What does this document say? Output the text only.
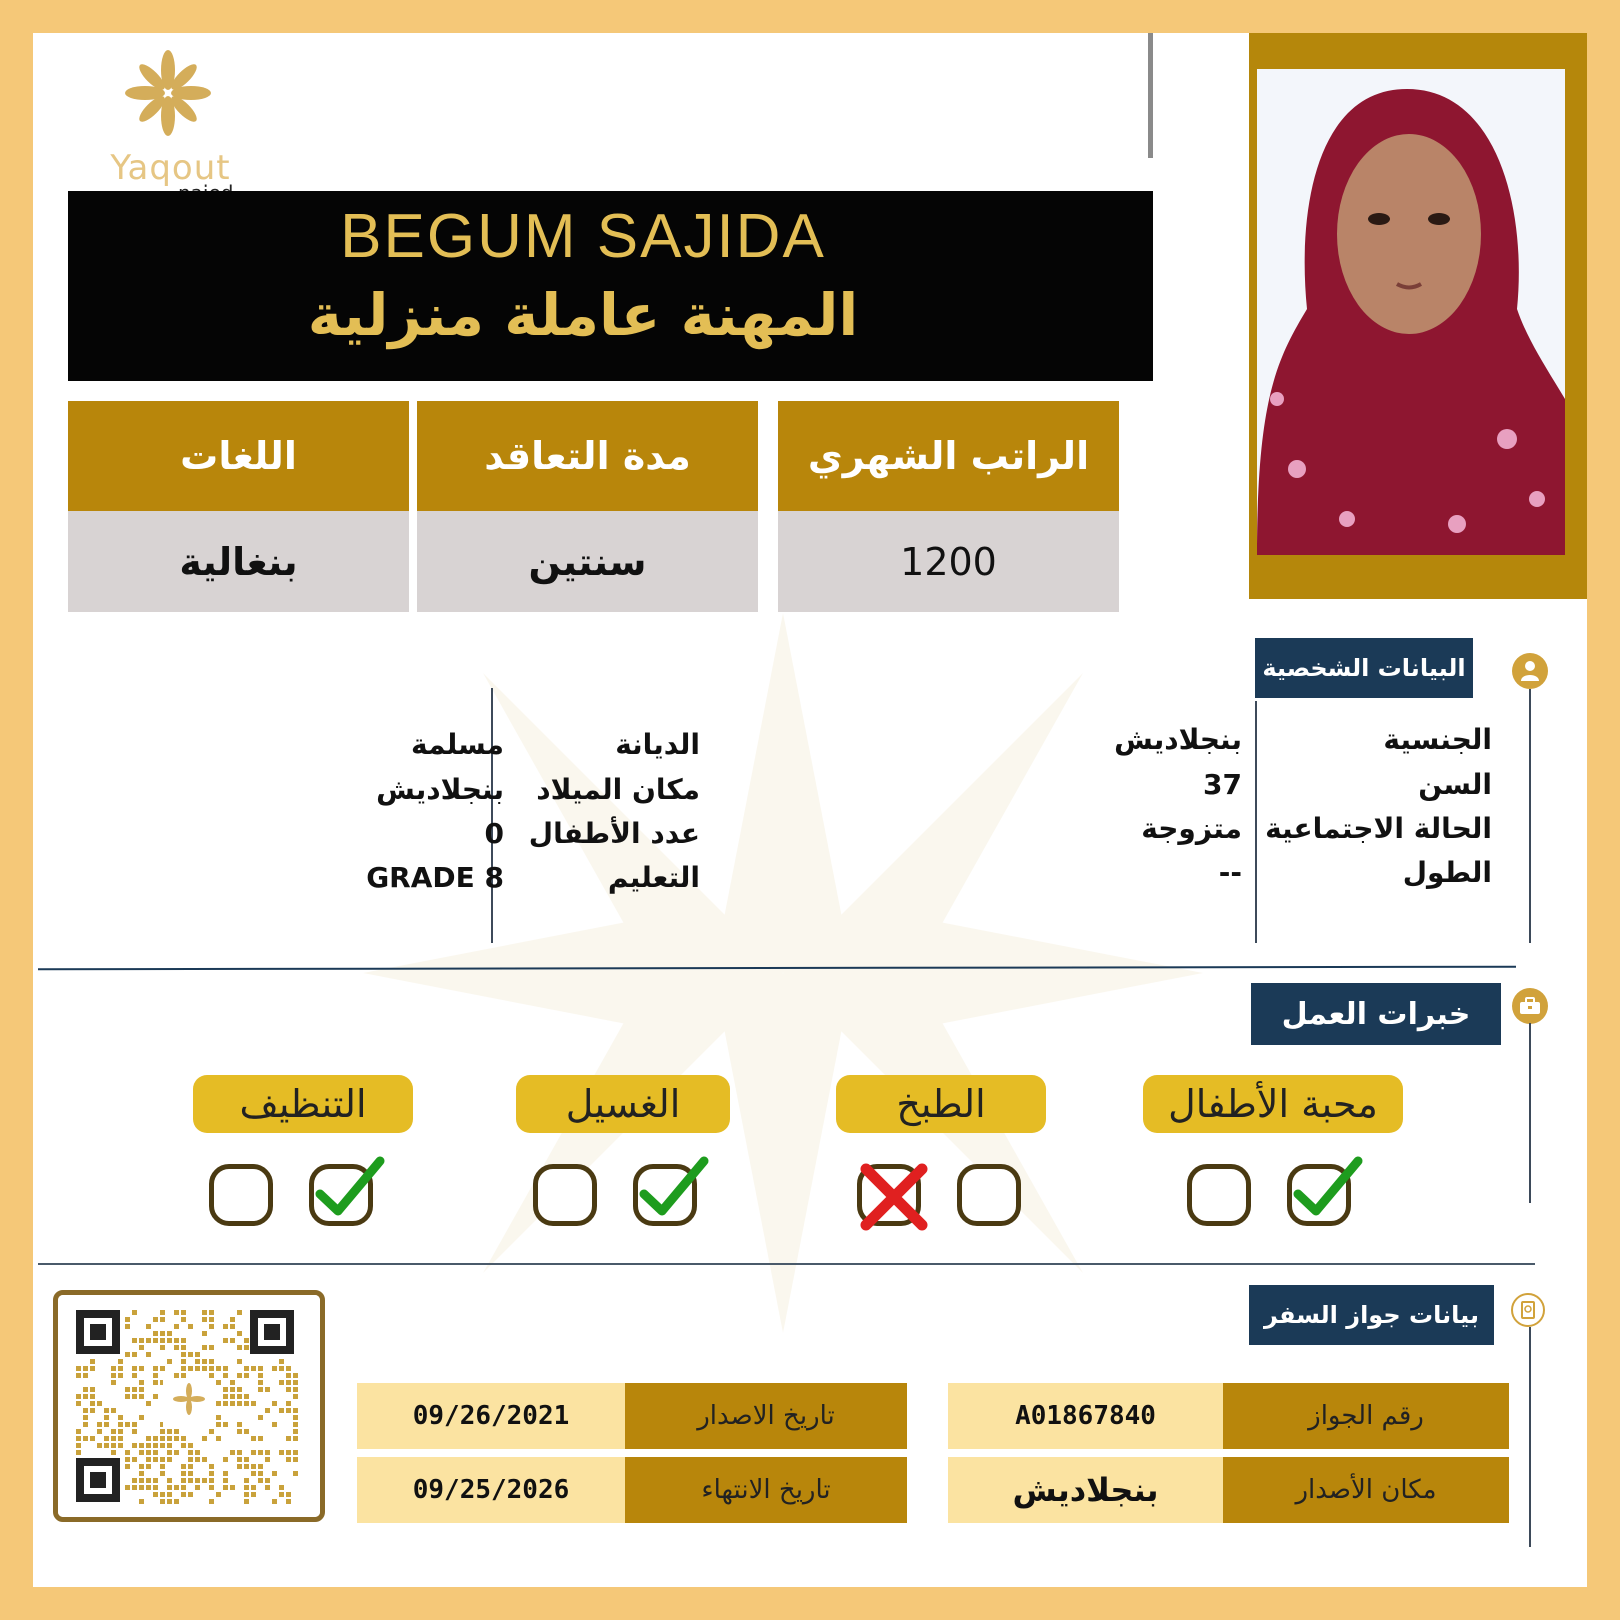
Yaqout
BEGUM SAJIDA
المهنة عاملة منزلية
الراتب الشهري
1200
مدة التعاقد
سنتين
اللغات
بنغالية
البيانات الشخصية
الجنسية
السن
الحالة الاجتماعية
الطول
بنجلاديش
37
متزوجة
--
الديانة
مكان الميلاد
عدد الأطفال
التعليم
مسلمة
بنجلاديش
0
GRADE 8
خبرات العمل
محبة الأطفال
الطبخ
الغسيل
التنظيف
بيانات جواز السفر
رقم الجواز
A01867840
مكان الأصدار
بنجلاديش
تاريخ الاصدار
09/26/2021
تاريخ الانتهاء
09/25/2026
